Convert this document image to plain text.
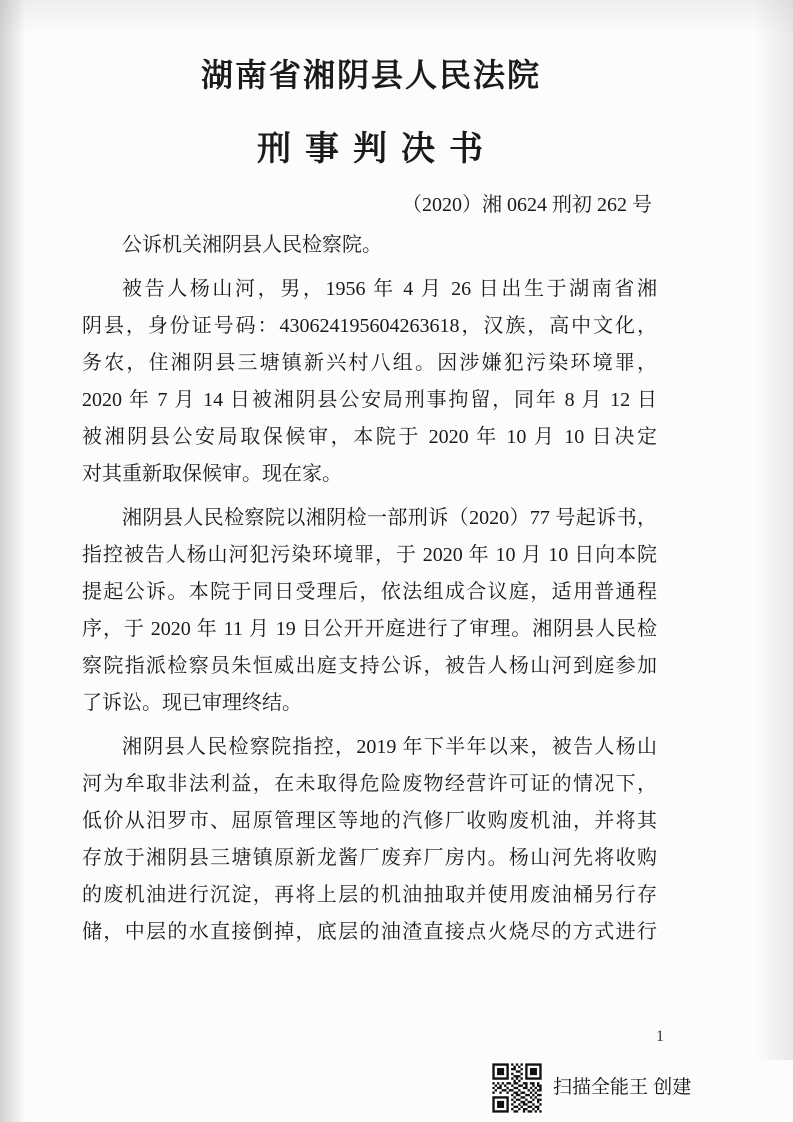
湖南省湘阴县人民法院
刑事判决书
（2020）湘 0624 刑初 262 号
公诉机关湘阴县人民检察院。
被告人杨山河，男，1956 年 4 月 26 日出生于湖南省湘
阴县，身份证号码：430624195604263618，汉族，高中文化，
务农，住湘阴县三塘镇新兴村八组。因涉嫌犯污染环境罪，
2020 年 7 月 14 日被湘阴县公安局刑事拘留，同年 8 月 12 日
被湘阴县公安局取保候审，本院于 2020 年 10 月 10 日决定
对其重新取保候审。现在家。
湘阴县人民检察院以湘阴检一部刑诉（2020）77 号起诉书，
指控被告人杨山河犯污染环境罪，于 2020 年 10 月 10 日向本院
提起公诉。本院于同日受理后，依法组成合议庭，适用普通程
序，于 2020 年 11 月 19 日公开开庭进行了审理。湘阴县人民检
察院指派检察员朱恒威出庭支持公诉，被告人杨山河到庭参加
了诉讼。现已审理终结。
湘阴县人民检察院指控，2019 年下半年以来，被告人杨山
河为牟取非法利益，在未取得危险废物经营许可证的情况下，
低价从汨罗市、屈原管理区等地的汽修厂收购废机油，并将其
存放于湘阴县三塘镇原新龙酱厂废弃厂房内。杨山河先将收购
的废机油进行沉淀，再将上层的机油抽取并使用废油桶另行存
储，中层的水直接倒掉，底层的油渣直接点火烧尽的方式进行
1
扫描全能王 创建
